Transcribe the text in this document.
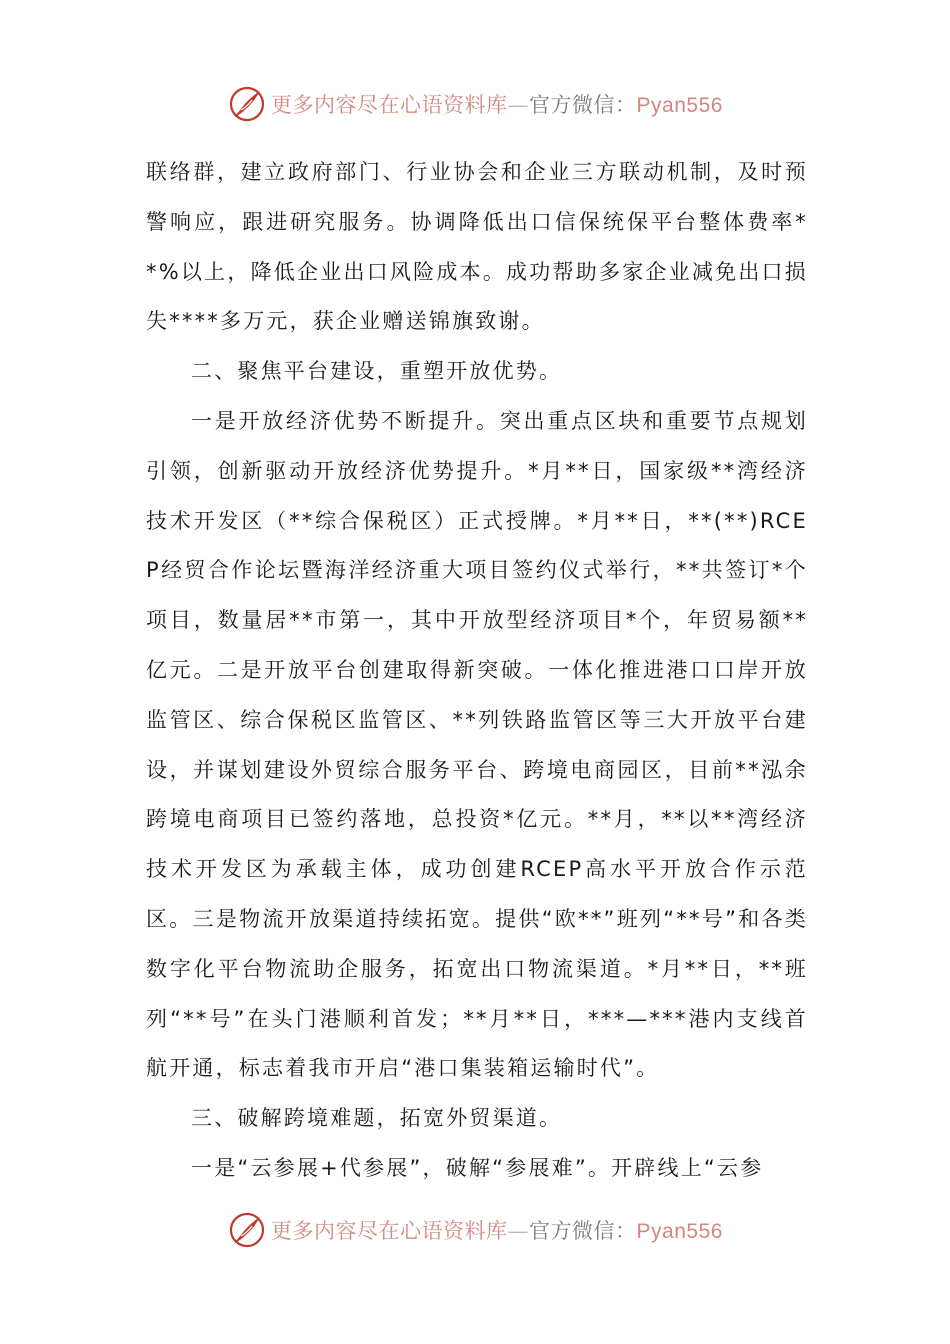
更多内容尽在心语资料库—官方微信：Pyan556

联络群，建立政府部门、行业协会和企业三方联动机制，及时预警响应，跟进研究服务。协调降低出口信保统保平台整体费率**%以上，降低企业出口风险成本。成功帮助多家企业减免出口损失****多万元，获企业赠送锦旗致谢。

二、聚焦平台建设，重塑开放优势。

一是开放经济优势不断提升。突出重点区块和重要节点规划引领，创新驱动开放经济优势提升。*月**日，国家级**湾经济技术开发区（**综合保税区）正式授牌。*月**日，**(**)RCEP经贸合作论坛暨海洋经济重大项目签约仪式举行，**共签订*个项目，数量居**市第一，其中开放型经济项目*个，年贸易额**亿元。二是开放平台创建取得新突破。一体化推进港口口岸开放监管区、综合保税区监管区、**列铁路监管区等三大开放平台建设，并谋划建设外贸综合服务平台、跨境电商园区，目前**泓余跨境电商项目已签约落地，总投资*亿元。**月，**以**湾经济技术开发区为承载主体，成功创建RCEP高水平开放合作示范区。三是物流开放渠道持续拓宽。提供“欧**”班列“**号”和各类数字化平台物流助企服务，拓宽出口物流渠道。*月**日，**班列“**号”在头门港顺利首发；**月**日，***—***港内支线首航开通，标志着我市开启“港口集装箱运输时代”。

三、破解跨境难题，拓宽外贸渠道。

一是“云参展+代参展”，破解“参展难”。开辟线上“云参

更多内容尽在心语资料库—官方微信：Pyan556
